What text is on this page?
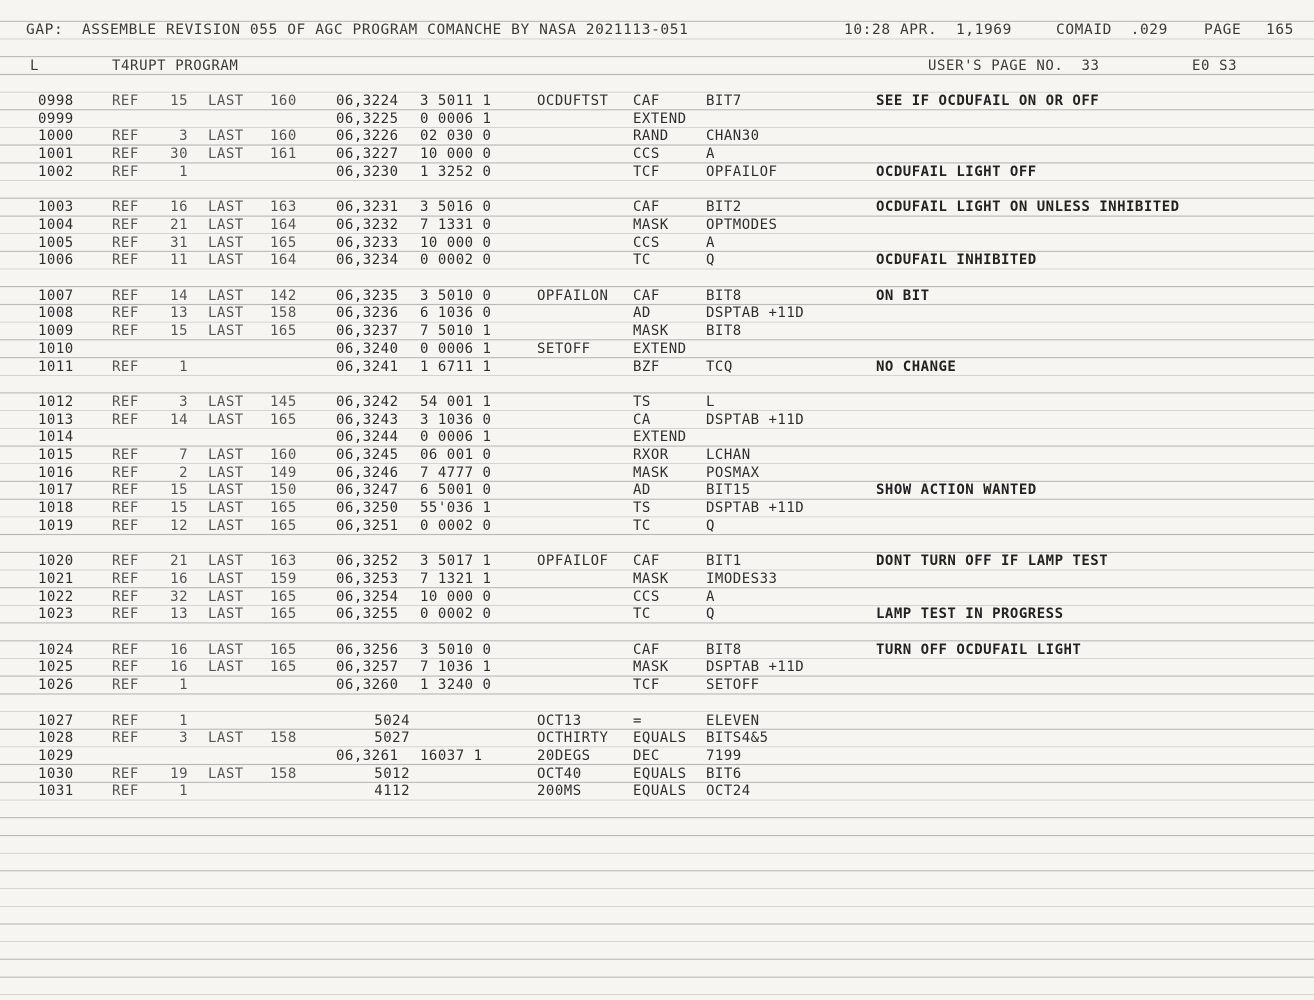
GAP:  ASSEMBLE REVISION 055 OF AGC PROGRAM COMANCHE BY NASA 2021113-051	10:28 APR.  1,1969	COMAID  .029 PAGE 165
L	T4RUPT PROGRAM	USER'S PAGE NO.  33	E0 S3
0998	REF	15 LAST 160	06,3224 3 5011 1	OCDUFTST CAF	BIT7	SEE IF OCDUFAIL ON OR OFF
0999	06,3225 0 0006 1	EXTEND
1000	REF	3 LAST 160	06,3226 02 030 0	RAND	CHAN30
1001	REF	30 LAST 161	06,3227 10 000 0	CCS	A
1002	REF	1	06,3230 1 3252 0	TCF	OPFAILOF	OCDUFAIL LIGHT OFF
1003	REF	16 LAST 163	06,3231 3 5016 0	CAF	BIT2	OCDUFAIL LIGHT ON UNLESS INHIBITED
1004	REF	21 LAST 164	06,3232 7 1331 0	MASK	OPTMODES
1005	REF	31 LAST 165	06,3233 10 000 0	CCS	A
1006	REF	11 LAST 164	06,3234 0 0002 0	TC	Q	OCDUFAIL INHIBITED
1007	REF	14 LAST 142	06,3235 3 5010 0	OPFAILON CAF	BIT8	ON BIT
1008	REF	13 LAST 158	06,3236 6 1036 0	AD	DSPTAB +11D
1009	REF	15 LAST 165	06,3237 7 5010 1	MASK	BIT8
1010	06,3240 0 0006 1	SETOFF	EXTEND
1011	REF	1	06,3241 1 6711 1	BZF	TCQ	NO CHANGE
1012	REF	3 LAST 145	06,3242 54 001 1	TS	L
1013	REF	14 LAST 165	06,3243 3 1036 0	CA	DSPTAB +11D
1014	06,3244 0 0006 1	EXTEND
1015	REF	7 LAST 160	06,3245 06 001 0	RXOR	LCHAN
1016	REF	2 LAST 149	06,3246 7 4777 0	MASK	POSMAX
1017	REF	15 LAST 150	06,3247 6 5001 0	AD	BIT15	SHOW ACTION WANTED
1018	REF	15 LAST 165	06,3250 55'036 1	TS	DSPTAB +11D
1019	REF	12 LAST 165	06,3251 0 0002 0	TC	Q
1020	REF	21 LAST 163	06,3252 3 5017 1	OPFAILOF CAF	BIT1	DONT TURN OFF IF LAMP TEST
1021	REF	16 LAST 159	06,3253 7 1321 1	MASK	IMODES33
1022	REF	32 LAST 165	06,3254 10 000 0	CCS	A
1023	REF	13 LAST 165	06,3255 0 0002 0	TC	Q	LAMP TEST IN PROGRESS
1024	REF	16 LAST 165	06,3256 3 5010 0	CAF	BIT8	TURN OFF OCDUFAIL LIGHT
1025	REF	16 LAST 165	06,3257 7 1036 1	MASK	DSPTAB +11D
1026	REF	1	06,3260 1 3240 0	TCF	SETOFF
1027	REF	1	5024	OCT13	=	ELEVEN
1028	REF	3 LAST 158	5027	OCTHIRTY EQUALS BITS4&5
1029	06,3261 16037 1	20DEGS	DEC	7199
1030	REF	19 LAST 158	5012	OCT40	EQUALS BIT6
1031	REF	1	4112	200MS	EQUALS OCT24
